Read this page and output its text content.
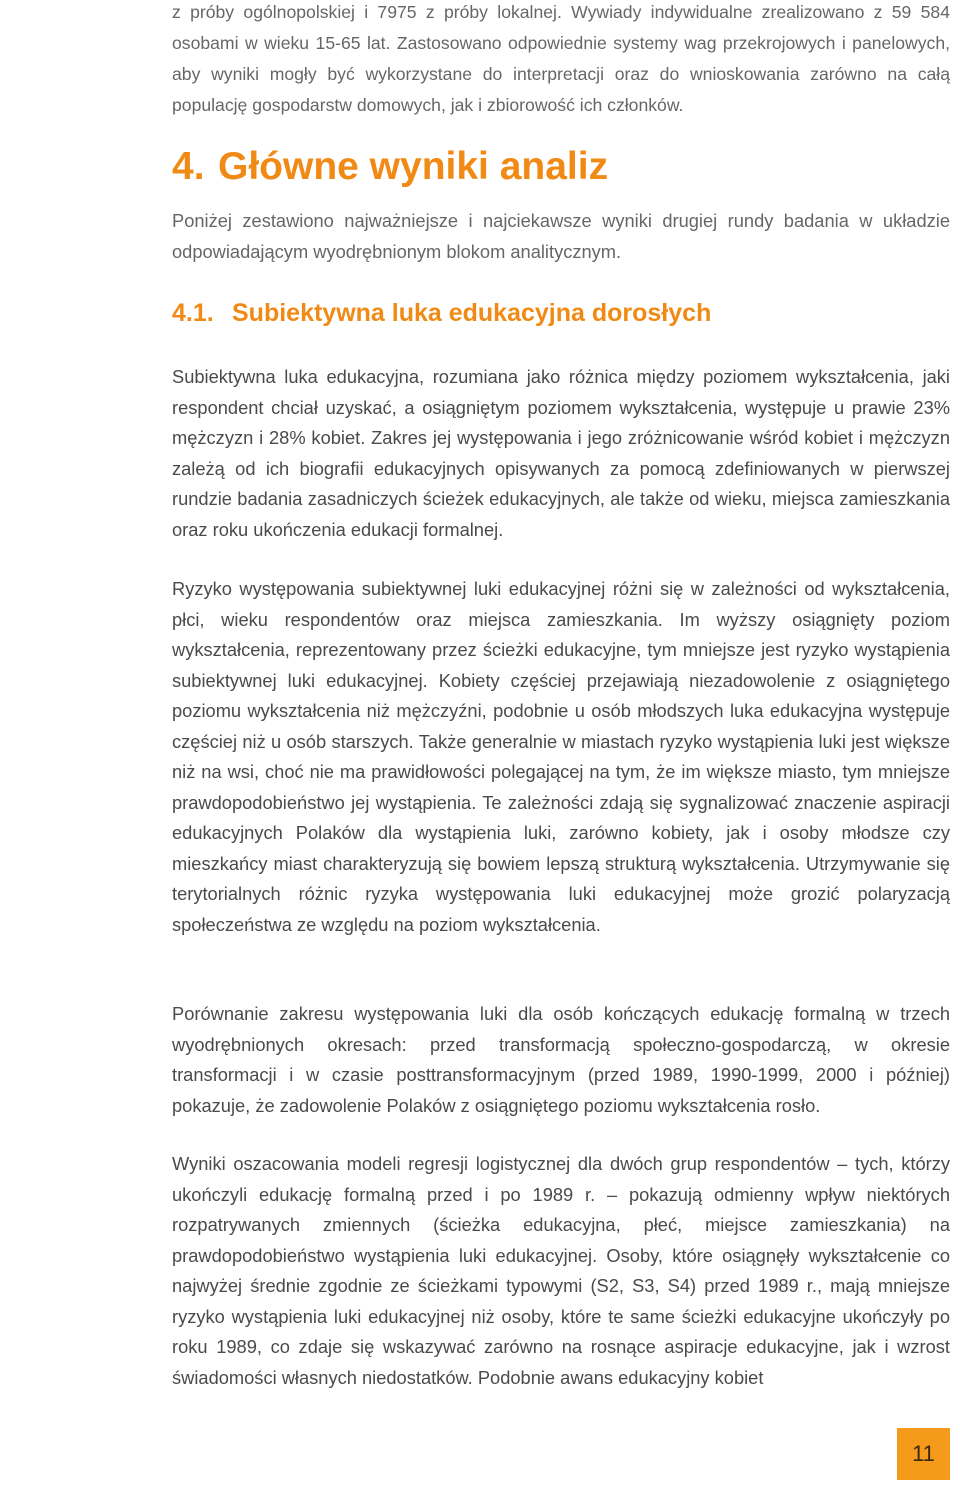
z próby ogólnopolskiej i 7975 z próby lokalnej. Wywiady indywidualne zrealizowano z 59 584 osobami w wieku 15-65 lat. Zastosowano odpowiednie systemy wag przekrojowych i panelowych, aby wyniki mogły być wykorzystane do interpretacji oraz do wnioskowania zarówno na całą populację gospodarstw domowych, jak i zbiorowość ich członków.

4. Główne wyniki analiz

Poniżej zestawiono najważniejsze i najciekawsze wyniki drugiej rundy badania w układzie odpowiadającym wyodrębnionym blokom analitycznym.

4.1. Subiektywna luka edukacyjna dorosłych

Subiektywna luka edukacyjna, rozumiana jako różnica między poziomem wykształcenia, jaki respondent chciał uzyskać, a osiągniętym poziomem wykształcenia, występuje u prawie 23% mężczyzn i 28% kobiet. Zakres jej występowania i jego zróżnicowanie wśród kobiet i mężczyzn zależą od ich biografii edukacyjnych opisywanych za pomocą zdefiniowanych w pierwszej rundzie badania zasadniczych ścieżek edukacyjnych, ale także od wieku, miejsca zamieszkania oraz roku ukończenia edukacji formalnej.

Ryzyko występowania subiektywnej luki edukacyjnej różni się w zależności od wykształcenia, płci, wieku respondentów oraz miejsca zamieszkania. Im wyższy osiągnięty poziom wykształcenia, reprezentowany przez ścieżki edukacyjne, tym mniejsze jest ryzyko wystąpienia subiektywnej luki edukacyjnej. Kobiety częściej przejawiają niezadowolenie z osiągniętego poziomu wykształcenia niż mężczyźni, podobnie u osób młodszych luka edukacyjna występuje częściej niż u osób starszych. Także generalnie w miastach ryzyko wystąpienia luki jest większe niż na wsi, choć nie ma prawidłowości polegającej na tym, że im większe miasto, tym mniejsze prawdopodobieństwo jej wystąpienia. Te zależności zdają się sygnalizować znaczenie aspiracji edukacyjnych Polaków dla wystąpienia luki, zarówno kobiety, jak i osoby młodsze czy mieszkańcy miast charakteryzują się bowiem lepszą strukturą wykształcenia. Utrzymywanie się terytorialnych różnic ryzyka występowania luki edukacyjnej może grozić polaryzacją społeczeństwa ze względu na poziom wykształcenia.

Porównanie zakresu występowania luki dla osób kończących edukację formalną w trzech wyodrębnionych okresach: przed transformacją społeczno-gospodarczą, w okresie transformacji i w czasie posttransformacyjnym (przed 1989, 1990-1999, 2000 i później) pokazuje, że zadowolenie Polaków z osiągniętego poziomu wykształcenia rosło.

Wyniki oszacowania modeli regresji logistycznej dla dwóch grup respondentów – tych, którzy ukończyli edukację formalną przed i po 1989 r. – pokazują odmienny wpływ niektórych rozpatrywanych zmiennych (ścieżka edukacyjna, płeć, miejsce zamieszkania) na prawdopodobieństwo wystąpienia luki edukacyjnej. Osoby, które osiągnęły wykształcenie co najwyżej średnie zgodnie ze ścieżkami typowymi (S2, S3, S4) przed 1989 r., mają mniejsze ryzyko wystąpienia luki edukacyjnej niż osoby, które te same ścieżki edukacyjne ukończyły po roku 1989, co zdaje się wskazywać zarówno na rosnące aspiracje edukacyjne, jak i wzrost świadomości własnych niedostatków. Podobnie awans edukacyjny kobiet

11
